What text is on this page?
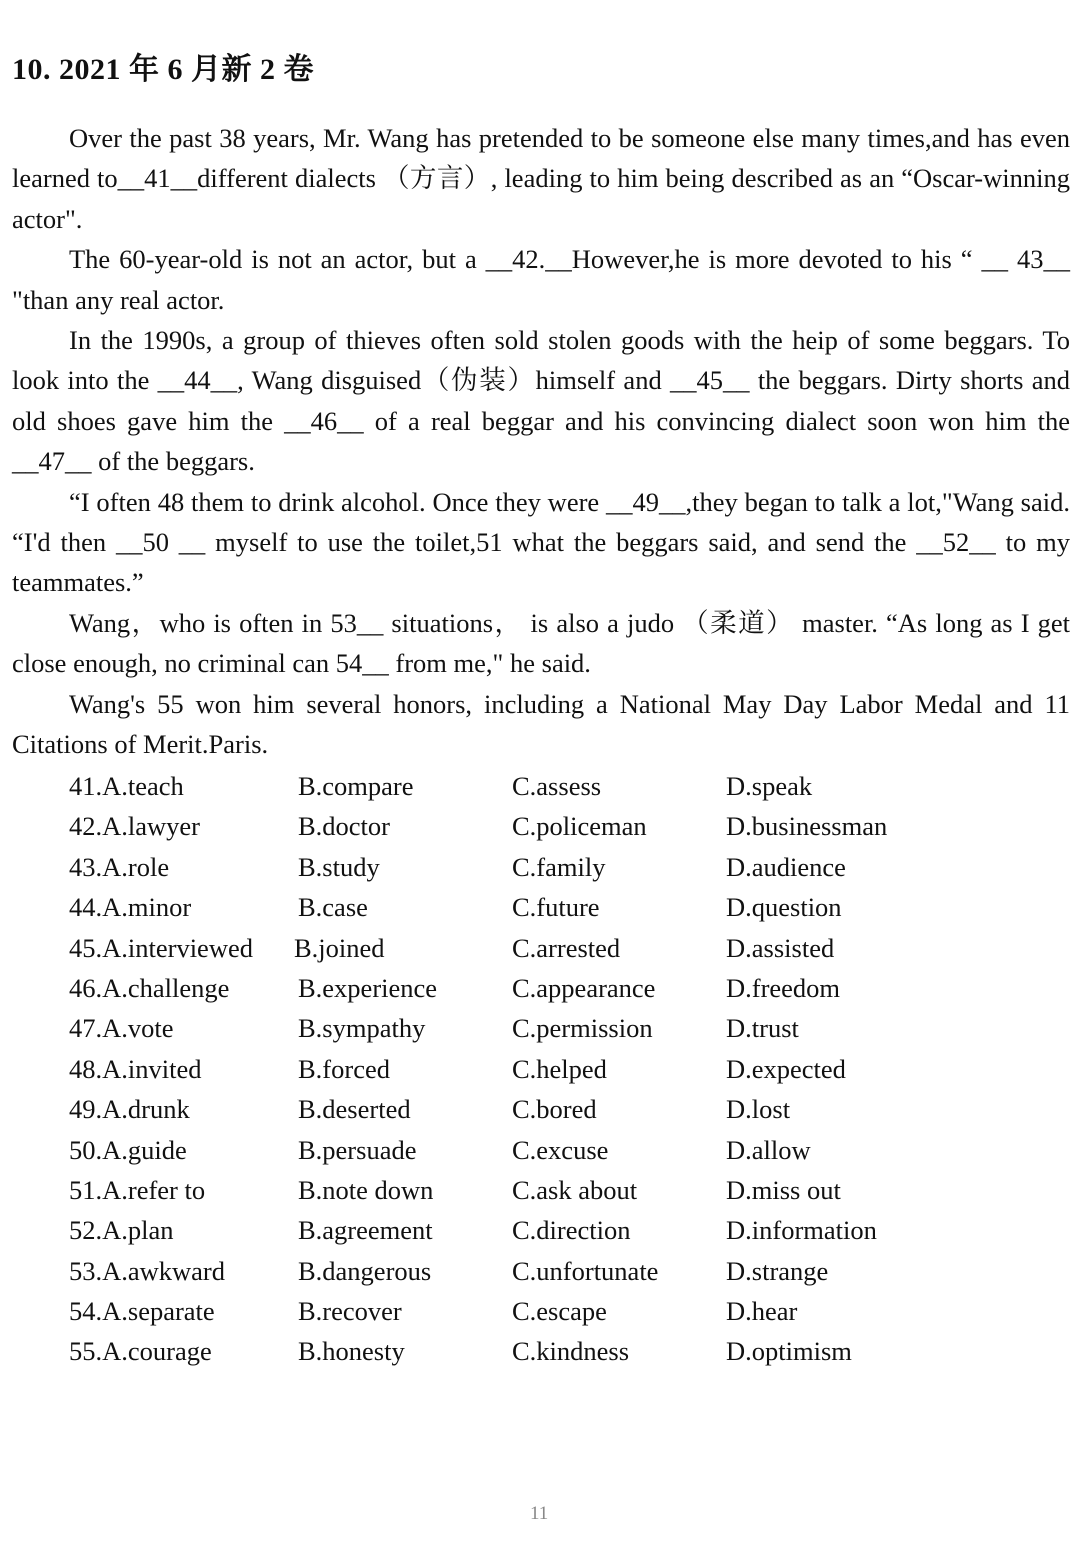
10. 2021 年 6 月新 2 卷

Over the past 38 years, Mr. Wang has pretended to be someone else many times,and has even learned to__41__different dialects （方言）, leading to him being described as an “Oscar-winning actor".

The 60-year-old is not an actor, but a __42.__However,he is more devoted to his “ __ 43__ "than any real actor.

In the 1990s, a group of thieves often sold stolen goods with the heip of some beggars. To look into the __44__, Wang disguised（伪装）himself and __45__ the beggars. Dirty shorts and old shoes gave him the __46__ of a real beggar and his convincing dialect soon won him the __47__ of the beggars.

“I often 48 them to drink alcohol. Once they were __49__,they began to talk a lot,"Wang said. “I'd then __50 __ myself to use the toilet,51 what the beggars said, and send the __52__ to my teammates.”

Wang，who is often in 53__ situations， is also a judo （柔道） master. “As long as I get close enough, no criminal can 54__ from me," he said.

Wang's 55 won him several honors, including a National May Day Labor Medal and 11 Citations of Merit.Paris.

41.A.teach	B.compare	C.assess	D.speak
42.A.lawyer	B.doctor	C.policeman	D.businessman
43.A.role	B.study	C.family	D.audience
44.A.minor	B.case	C.future	D.question
45.A.interviewed	B.joined	C.arrested	D.assisted
46.A.challenge	B.experience	C.appearance	D.freedom
47.A.vote	B.sympathy	C.permission	D.trust
48.A.invited	B.forced	C.helped	D.expected
49.A.drunk	B.deserted	C.bored	D.lost
50.A.guide	B.persuade	C.excuse	D.allow
51.A.refer to	B.note down	C.ask about	D.miss out
52.A.plan	B.agreement	C.direction	D.information
53.A.awkward	B.dangerous	C.unfortunate	D.strange
54.A.separate	B.recover	C.escape	D.hear
55.A.courage	B.honesty	C.kindness	D.optimism
11
